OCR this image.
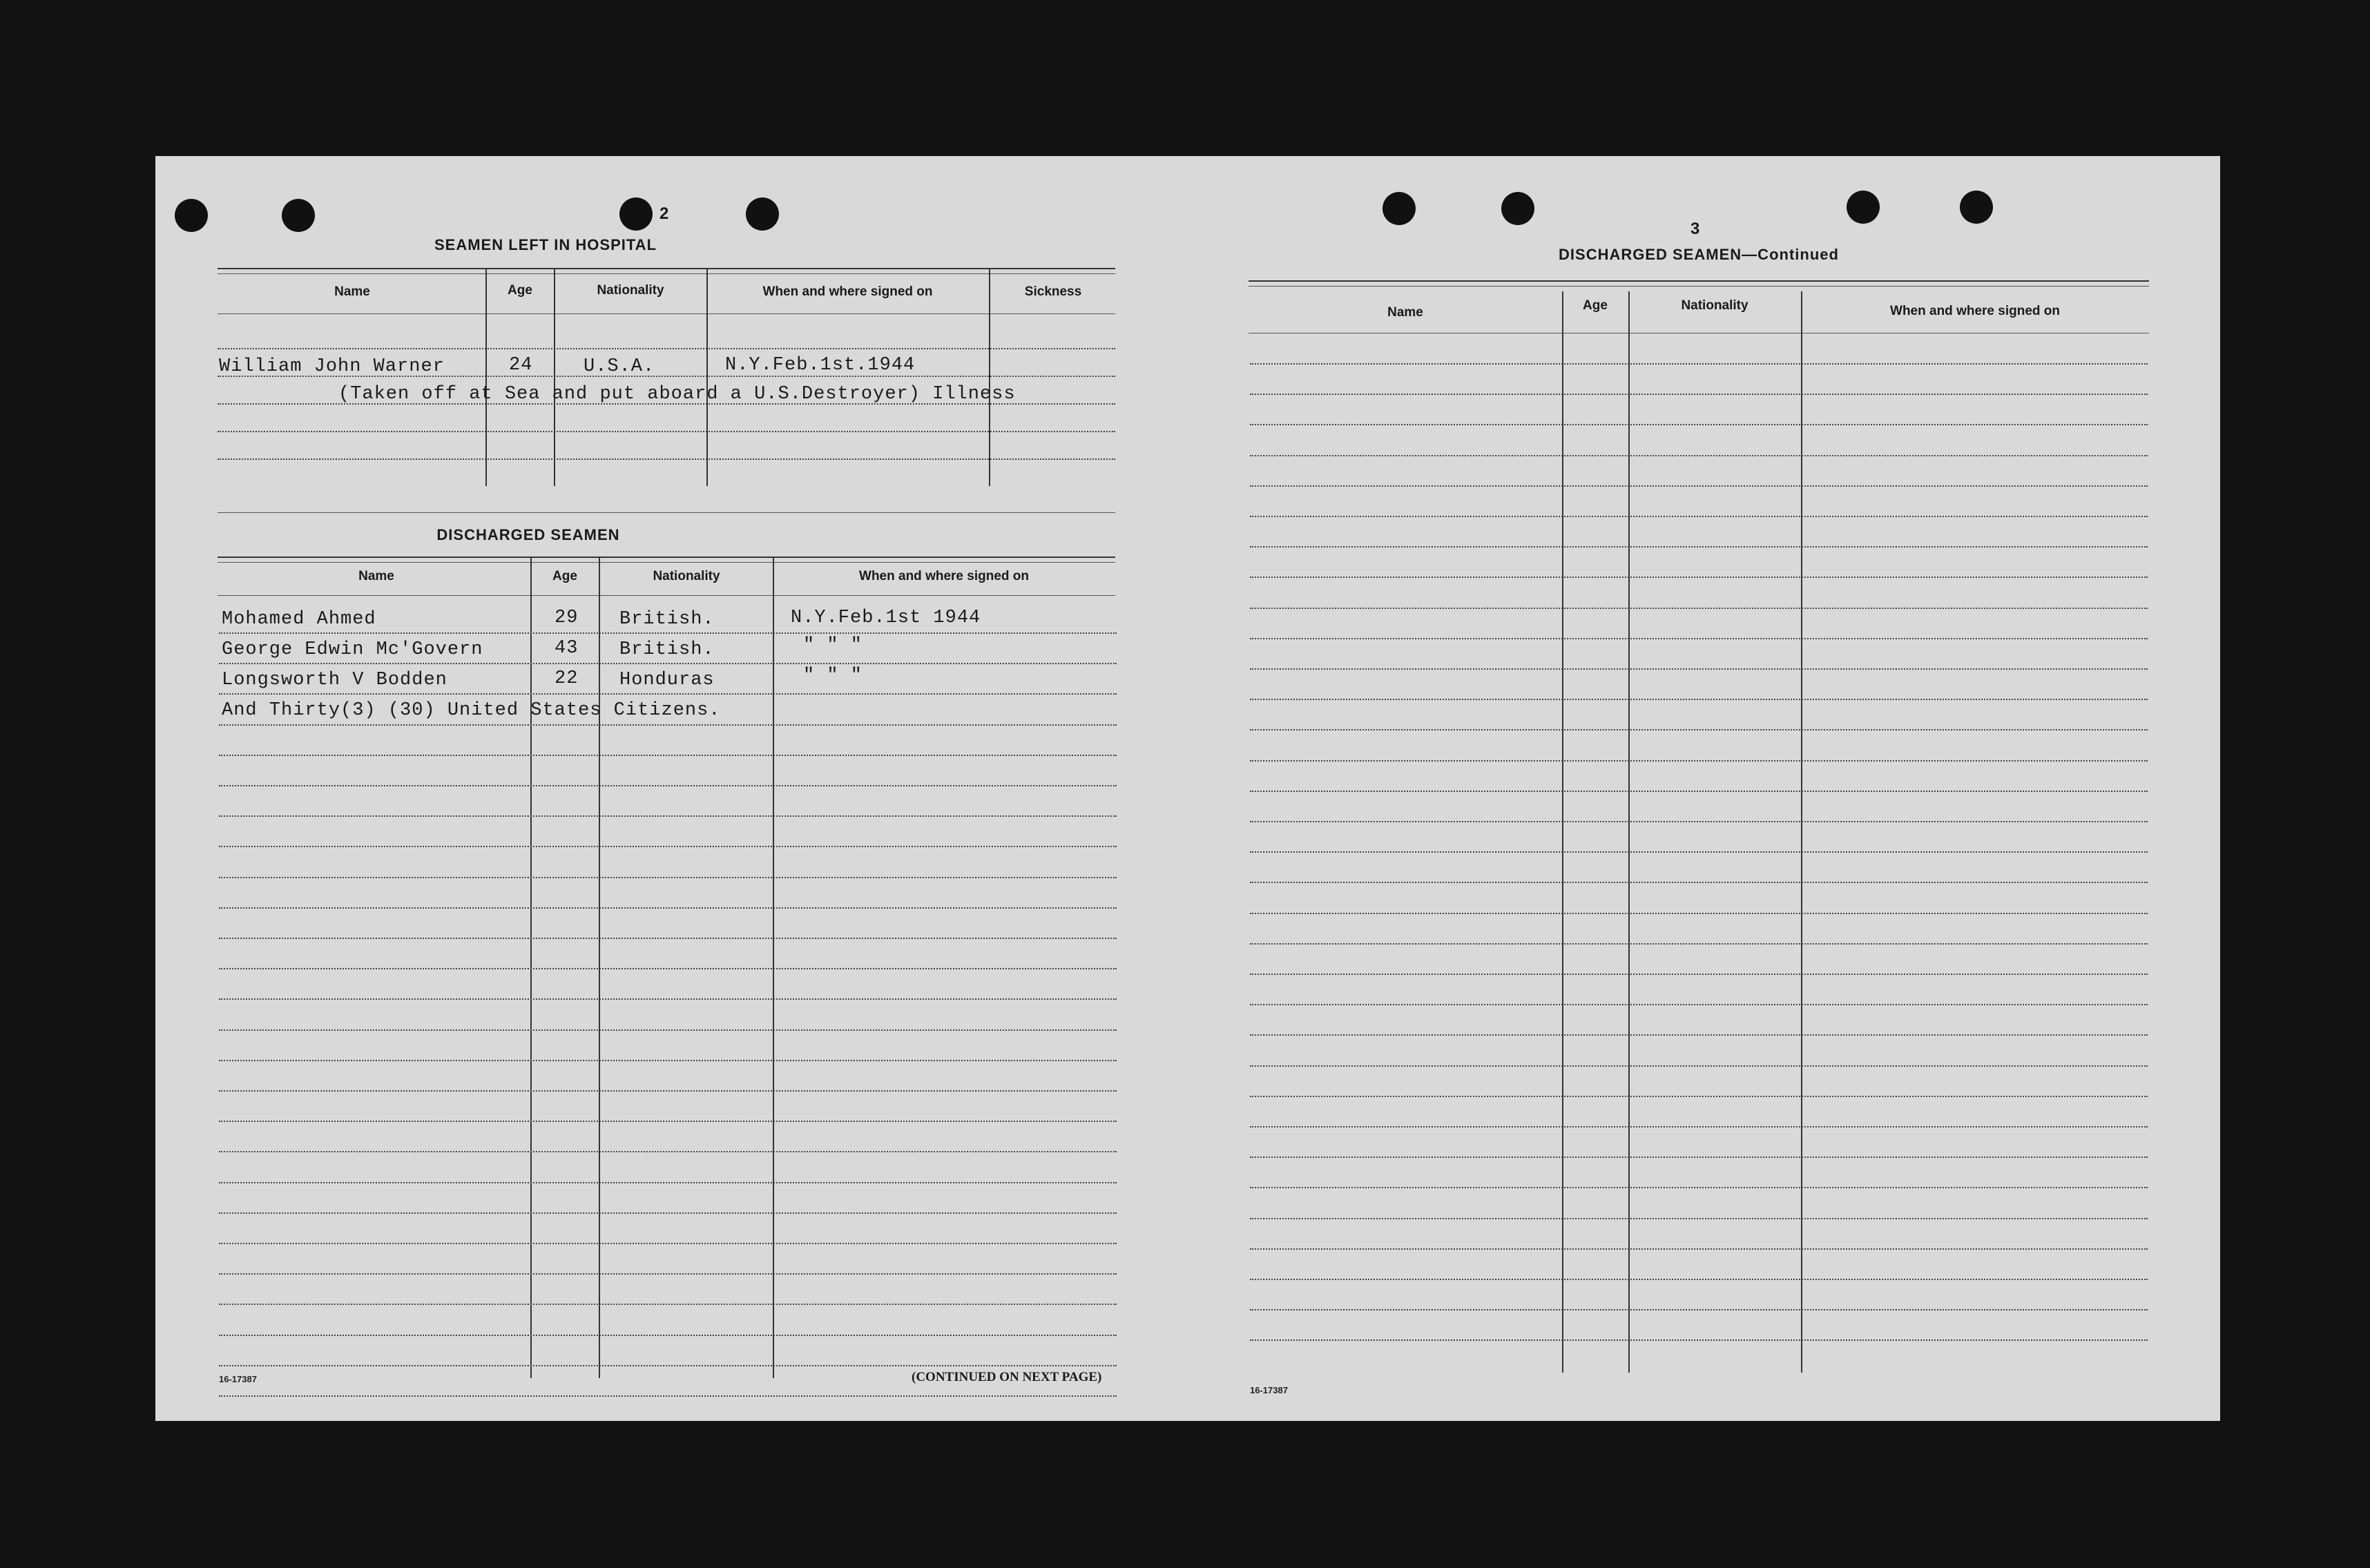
2
SEAMEN LEFT IN HOSPITAL
Name	Age	Nationality	When and where signed on	Sickness
William John Warner	24	U.S.A.	N.Y.Feb.1st.1944
(Taken off at Sea and put aboard a U.S.Destroyer) Illness
DISCHARGED SEAMEN
Name	Age	Nationality	When and where signed on
Mohamed Ahmed	29 British.	N.Y.Feb.1st 1944
George Edwin Mc'Govern	43 British.	" " "
Longsworth V Bodden	22 Honduras	" " "
And Thirty(3) (30) United States Citizens.
16-17387	(CONTINUED ON NEXT PAGE)
3
DISCHARGED SEAMEN—Continued
Name	Age	Nationality	When and where signed on
16-17387
